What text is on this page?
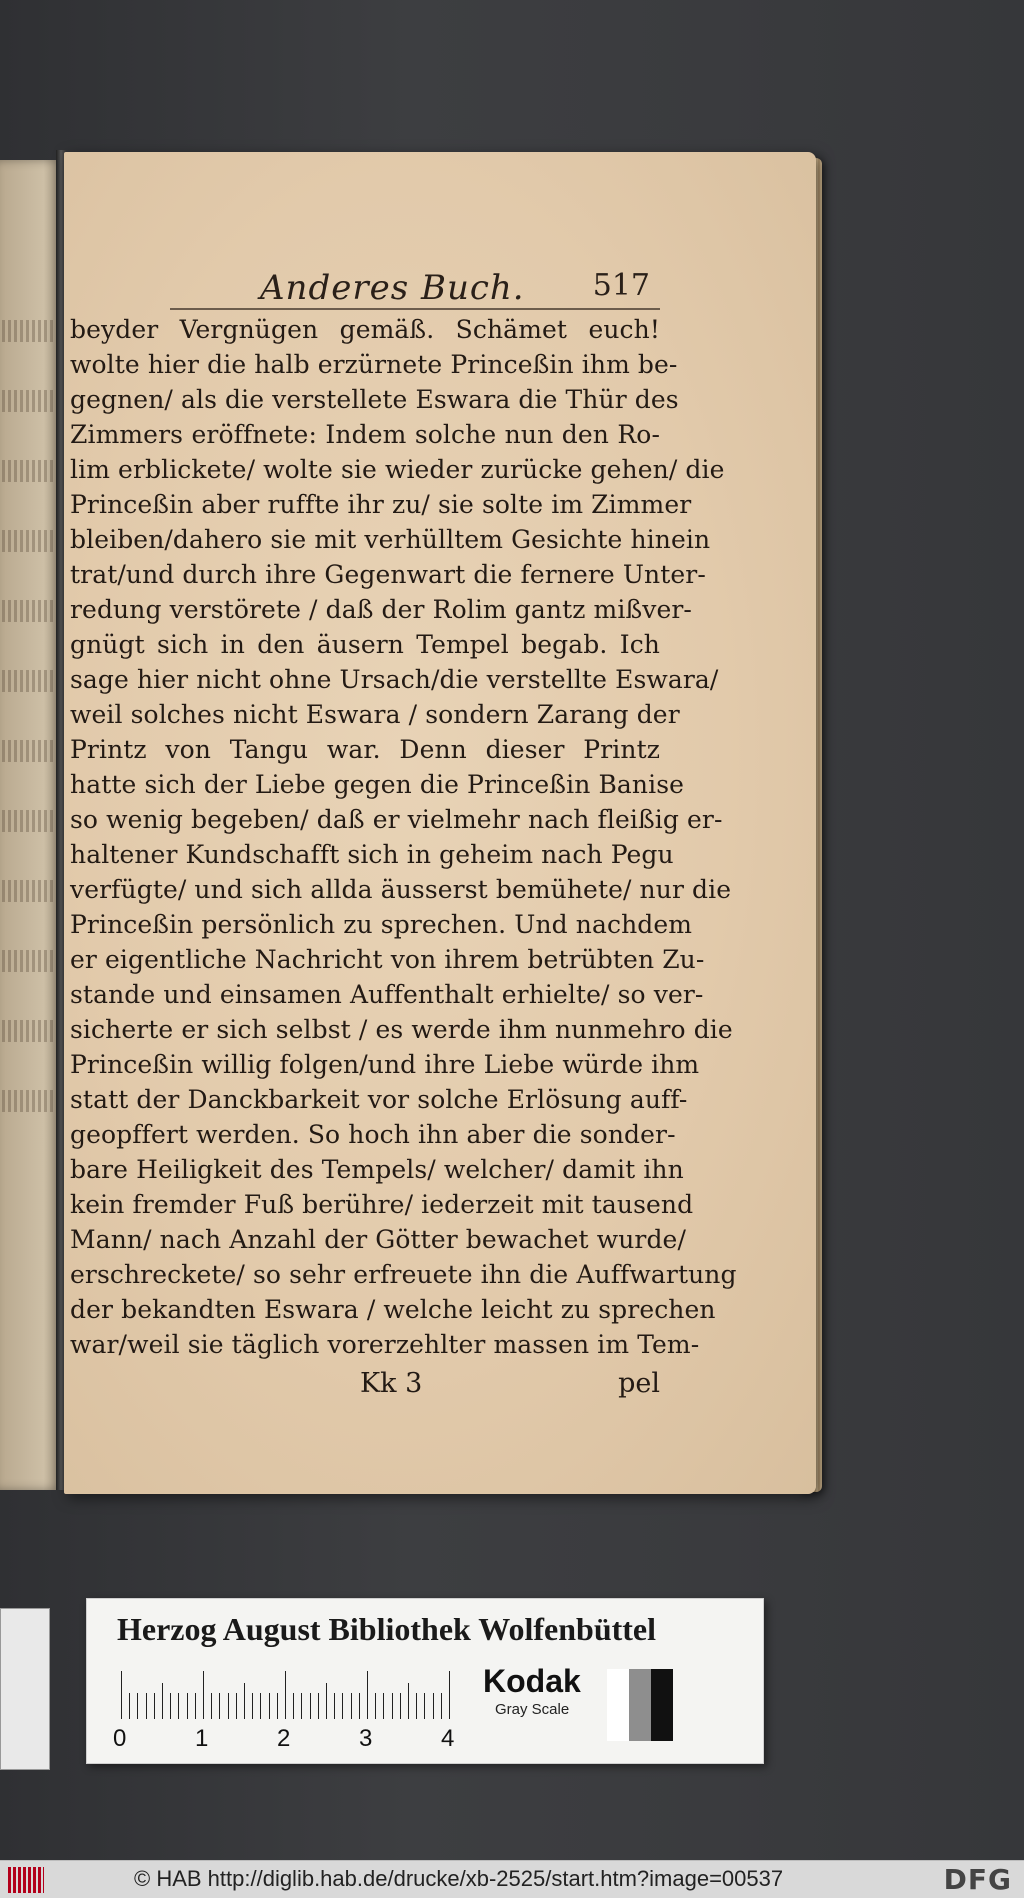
Anderes Buch. 517
beyder Vergnügen gemäß. Schämet euch!
wolte hier die halb erzürnete Princeßin ihm be-
gegnen/ als die verstellete Eswara die Thür des
Zimmers eröffnete: Indem solche nun den Ro-
lim erblickete/ wolte sie wieder zurücke gehen/ die
Princeßin aber ruffte ihr zu/ sie solte im Zimmer
bleiben/dahero sie mit verhülltem Gesichte hinein
trat/und durch ihre Gegenwart die fernere Unter-
redung verstörete / daß der Rolim gantz mißver-
gnügt sich in den äusern Tempel begab. Ich
sage hier nicht ohne Ursach/die verstellte Eswara/
weil solches nicht Eswara / sondern Zarang der
Printz von Tangu war. Denn dieser Printz
hatte sich der Liebe gegen die Princeßin Banise
so wenig begeben/ daß er vielmehr nach fleißig er-
haltener Kundschafft sich in geheim nach Pegu
verfügte/ und sich allda äusserst bemühete/ nur die
Princeßin persönlich zu sprechen. Und nachdem
er eigentliche Nachricht von ihrem betrübten Zu-
stande und einsamen Auffenthalt erhielte/ so ver-
sicherte er sich selbst / es werde ihm nunmehro die
Princeßin willig folgen/und ihre Liebe würde ihm
statt der Danckbarkeit vor solche Erlösung auff-
geopffert werden. So hoch ihn aber die sonder-
bare Heiligkeit des Tempels/ welcher/ damit ihn
kein fremder Fuß berühre/ iederzeit mit tausend
Mann/ nach Anzahl der Götter bewachet wurde/
erschreckete/ so sehr erfreuete ihn die Auffwartung
der bekandten Eswara / welche leicht zu sprechen
war/weil sie täglich vorerzehlter massen im Tem-
Kk 3	pel
Herzog August Bibliothek Wolfenbüttel
0	1	2	3	4
Kodak
Gray Scale
© HAB http://diglib.hab.de/drucke/xb-2525/start.htm?image=00537	DFG
